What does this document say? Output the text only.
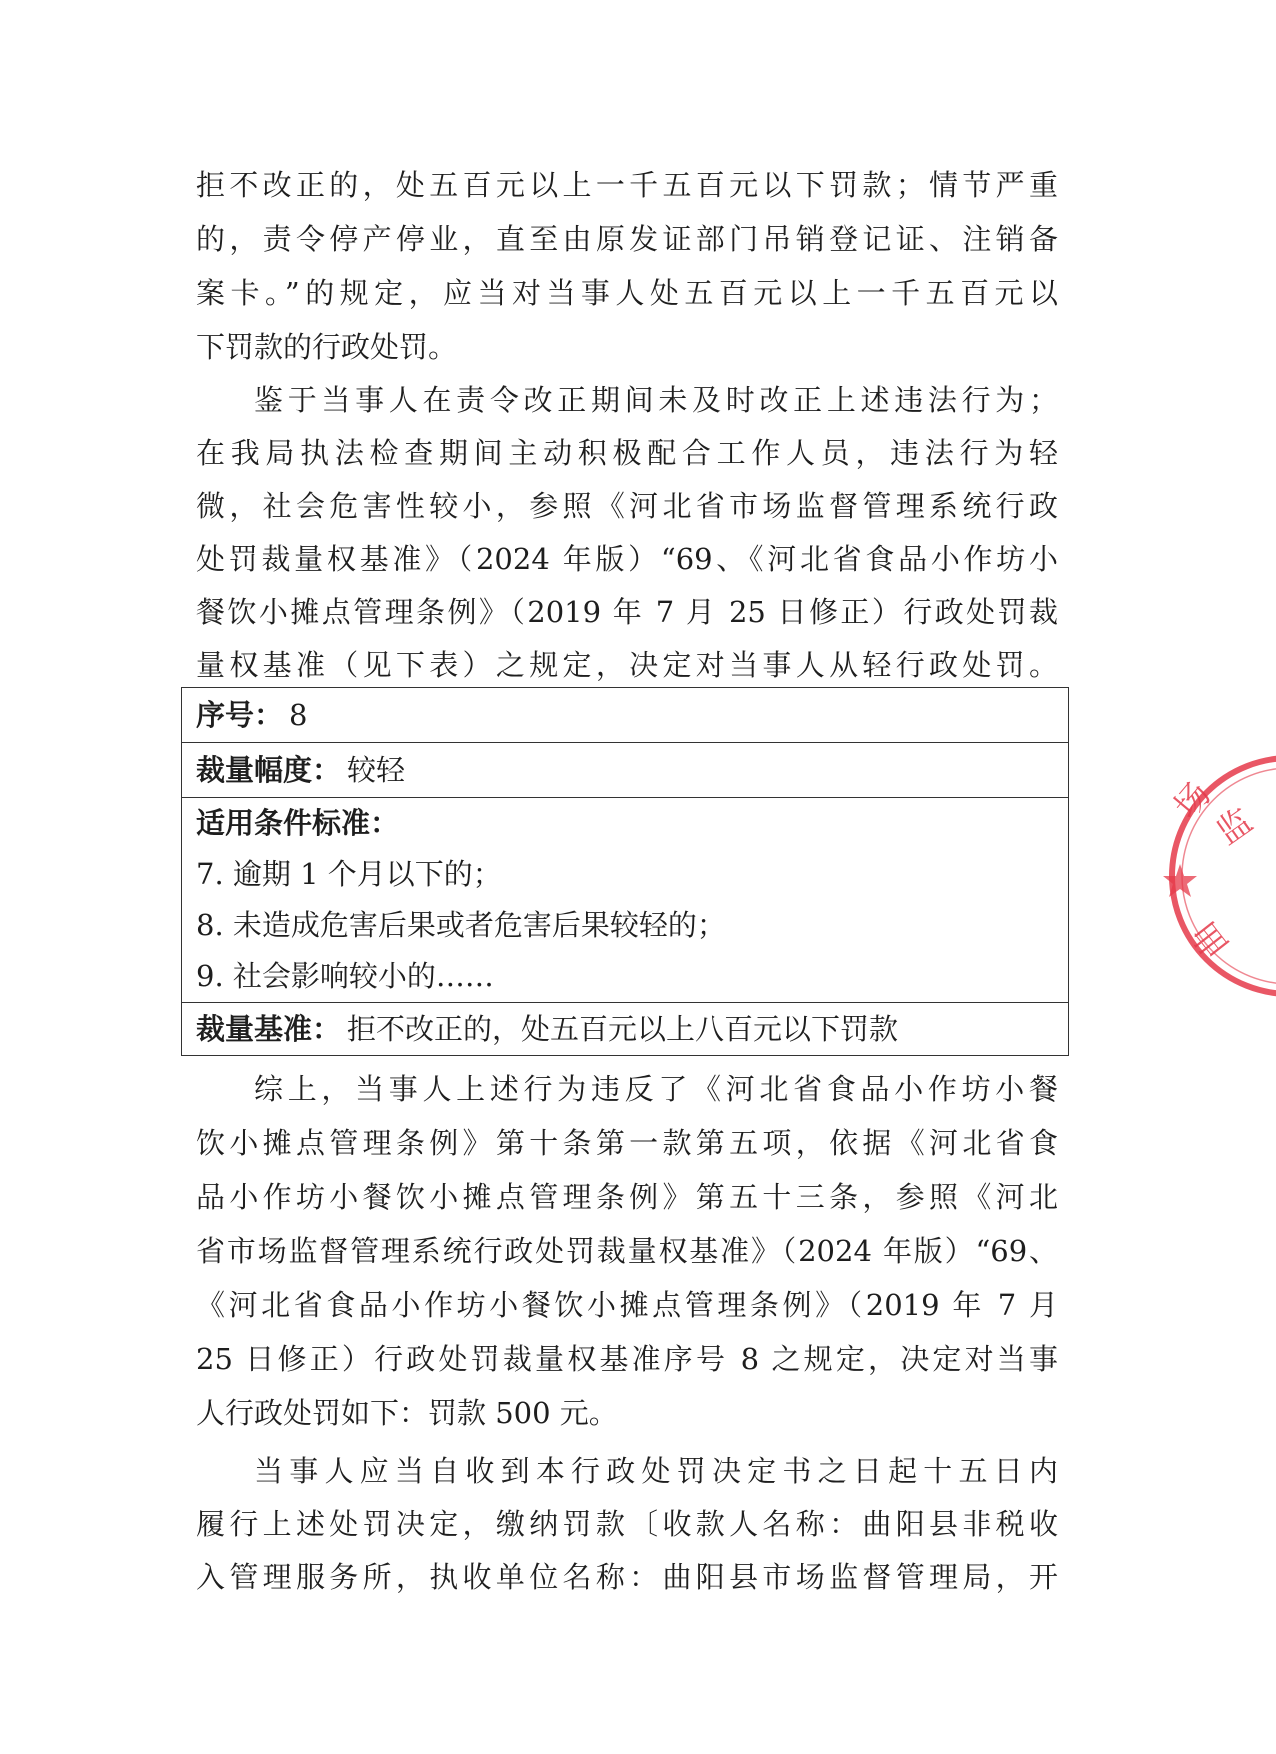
拒不改正的，处五百元以上一千五百元以下罚款；情节严重
的，责令停产停业，直至由原发证部门吊销登记证、注销备
案卡。”的规定，应当对当事人处五百元以上一千五百元以
下罚款的行政处罚。
鉴于当事人在责令改正期间未及时改正上述违法行为；
在我局执法检查期间主动积极配合工作人员，违法行为轻
微，社会危害性较小，参照《河北省市场监督管理系统行政
处罚裁量权基准》（2024 年版）“69、《河北省食品小作坊小
餐饮小摊点管理条例》（2019 年 7 月 25 日修正）行政处罚裁
量权基准（见下表）之规定，决定对当事人从轻行政处罚。
序号： 8
裁量幅度： 较轻
适用条件标准：
7. 逾期 1 个月以下的；
8. 未造成危害后果或者危害后果较轻的；
9. 社会影响较小的……
裁量基准： 拒不改正的，处五百元以上八百元以下罚款
综上，当事人上述行为违反了《河北省食品小作坊小餐
饮小摊点管理条例》第十条第一款第五项，依据《河北省食
品小作坊小餐饮小摊点管理条例》第五十三条，参照《河北
省市场监督管理系统行政处罚裁量权基准》（2024 年版）“69、
《河北省食品小作坊小餐饮小摊点管理条例》（2019 年 7 月
25 日修正）行政处罚裁量权基准序号 8 之规定，决定对当事
人行政处罚如下：罚款 500 元。
当事人应当自收到本行政处罚决定书之日起十五日内
履行上述处罚决定，缴纳罚款〔收款人名称：曲阳县非税收
入管理服务所，执收单位名称：曲阳县市场监督管理局，开
场
监
曲
